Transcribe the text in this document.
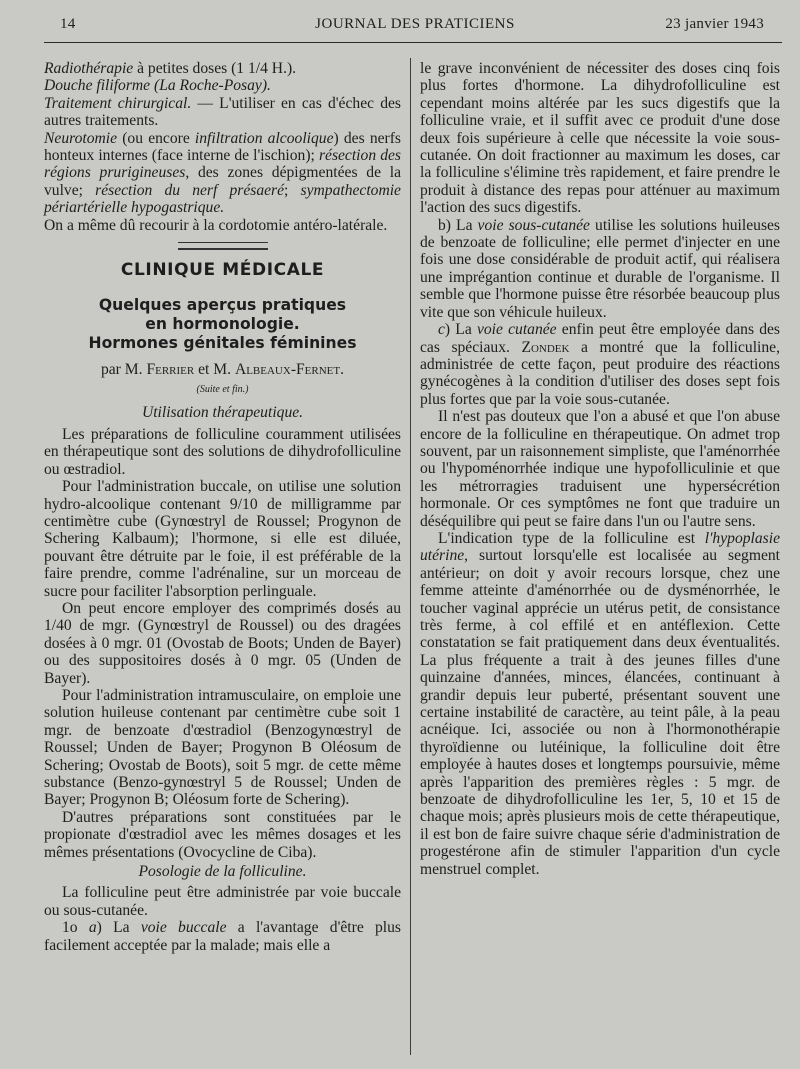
14	JOURNAL DES PRATICIENS	23 janvier 1943

Radiothérapie à petites doses (1 1/4 H.).

Douche filiforme (La Roche-Posay).

Traitement chirurgical. — L'utiliser en cas d'échec des autres traitements.

Neurotomie (ou encore infiltration alcoolique) des nerfs honteux internes (face interne de l'ischion); résection des régions prurigineuses, des zones dépigmentées de la vulve; résection du nerf présaeré; sympathectomie périartérielle hypogastrique.

On a même dû recourir à la cordotomie antéro-latérale.

CLINIQUE MÉDICALE
Quelques aperçus pratiques
en hormonologie.
Hormones génitales féminines
par M. Ferrier et M. Albeaux-Fernet.
(Suite et fin.)
Utilisation thérapeutique.

Les préparations de folliculine couramment utilisées en thérapeutique sont des solutions de dihydrofolliculine ou œstradiol.

Pour l'administration buccale, on utilise une solution hydro-alcoolique contenant 9/10 de milligramme par centimètre cube (Gynœstryl de Roussel; Progynon de Schering Kalbaum); l'hormone, si elle est diluée, pouvant être détruite par le foie, il est préférable de la faire prendre, comme l'adrénaline, sur un morceau de sucre pour faciliter l'absorption perlinguale.

On peut encore employer des comprimés dosés au 1/40 de mgr. (Gynœstryl de Roussel) ou des dragées dosées à 0 mgr. 01 (Ovostab de Boots; Unden de Bayer) ou des suppositoires dosés à 0 mgr. 05 (Unden de Bayer).

Pour l'administration intramusculaire, on emploie une solution huileuse contenant par centimètre cube soit 1 mgr. de benzoate d'œstradiol (Benzogynœstryl de Roussel; Unden de Bayer; Progynon B Oléosum de Schering; Ovostab de Boots), soit 5 mgr. de cette même substance (Benzo-gynœstryl 5 de Roussel; Unden de Bayer; Progynon B; Oléosum forte de Schering).

D'autres préparations sont constituées par le propionate d'œstradiol avec les mêmes dosages et les mêmes présentations (Ovocycline de Ciba).

Posologie de la folliculine.

La folliculine peut être administrée par voie buccale ou sous-cutanée.

1o a) La voie buccale a l'avantage d'être plus facilement acceptée par la malade; mais elle a

le grave inconvénient de nécessiter des doses cinq fois plus fortes d'hormone. La dihydrofolliculine est cependant moins altérée par les sucs digestifs que la folliculine vraie, et il suffit avec ce produit d'une dose deux fois supérieure à celle que nécessite la voie sous-cutanée. On doit fractionner au maximum les doses, car la folliculine s'élimine très rapidement, et faire prendre le produit à distance des repas pour atténuer au maximum l'action des sucs digestifs.

b) La voie sous-cutanée utilise les solutions huileuses de benzoate de folliculine; elle permet d'injecter en une fois une dose considérable de produit actif, qui réalisera une imprégantion continue et durable de l'organisme. Il semble que l'hormone puisse être résorbée beaucoup plus vite que son véhicule huileux.

c) La voie cutanée enfin peut être employée dans des cas spéciaux. Zondek a montré que la folliculine, administrée de cette façon, peut produire des réactions gynécogènes à la condition d'utiliser des doses sept fois plus fortes que par la voie sous-cutanée.

Il n'est pas douteux que l'on a abusé et que l'on abuse encore de la folliculine en thérapeutique. On admet trop souvent, par un raisonnement simpliste, que l'aménorrhée ou l'hypoménorrhée indique une hypofolliculinie et que les métrorragies traduisent une hypersécrétion hormonale. Or ces symptômes ne font que traduire un déséquilibre qui peut se faire dans l'un ou l'autre sens.

L'indication type de la folliculine est l'hypoplasie utérine, surtout lorsqu'elle est localisée au segment antérieur; on doit y avoir recours lorsque, chez une femme atteinte d'aménorrhée ou de dysménorrhée, le toucher vaginal apprécie un utérus petit, de consistance très ferme, à col effilé et en antéflexion. Cette constatation se fait pratiquement dans deux éventualités. La plus fréquente a trait à des jeunes filles d'une quinzaine d'années, minces, élancées, continuant à grandir depuis leur puberté, présentant souvent une certaine instabilité de caractère, au teint pâle, à la peau acnéique. Ici, associée ou non à l'hormonothérapie thyroïdienne ou lutéinique, la folliculine doit être employée à hautes doses et longtemps poursuivie, même après l'apparition des premières règles : 5 mgr. de benzoate de dihydrofolliculine les 1er, 5, 10 et 15 de chaque mois; après plusieurs mois de cette thérapeutique, il est bon de faire suivre chaque série d'administration de progestérone afin de stimuler l'apparition d'un cycle menstruel complet.
